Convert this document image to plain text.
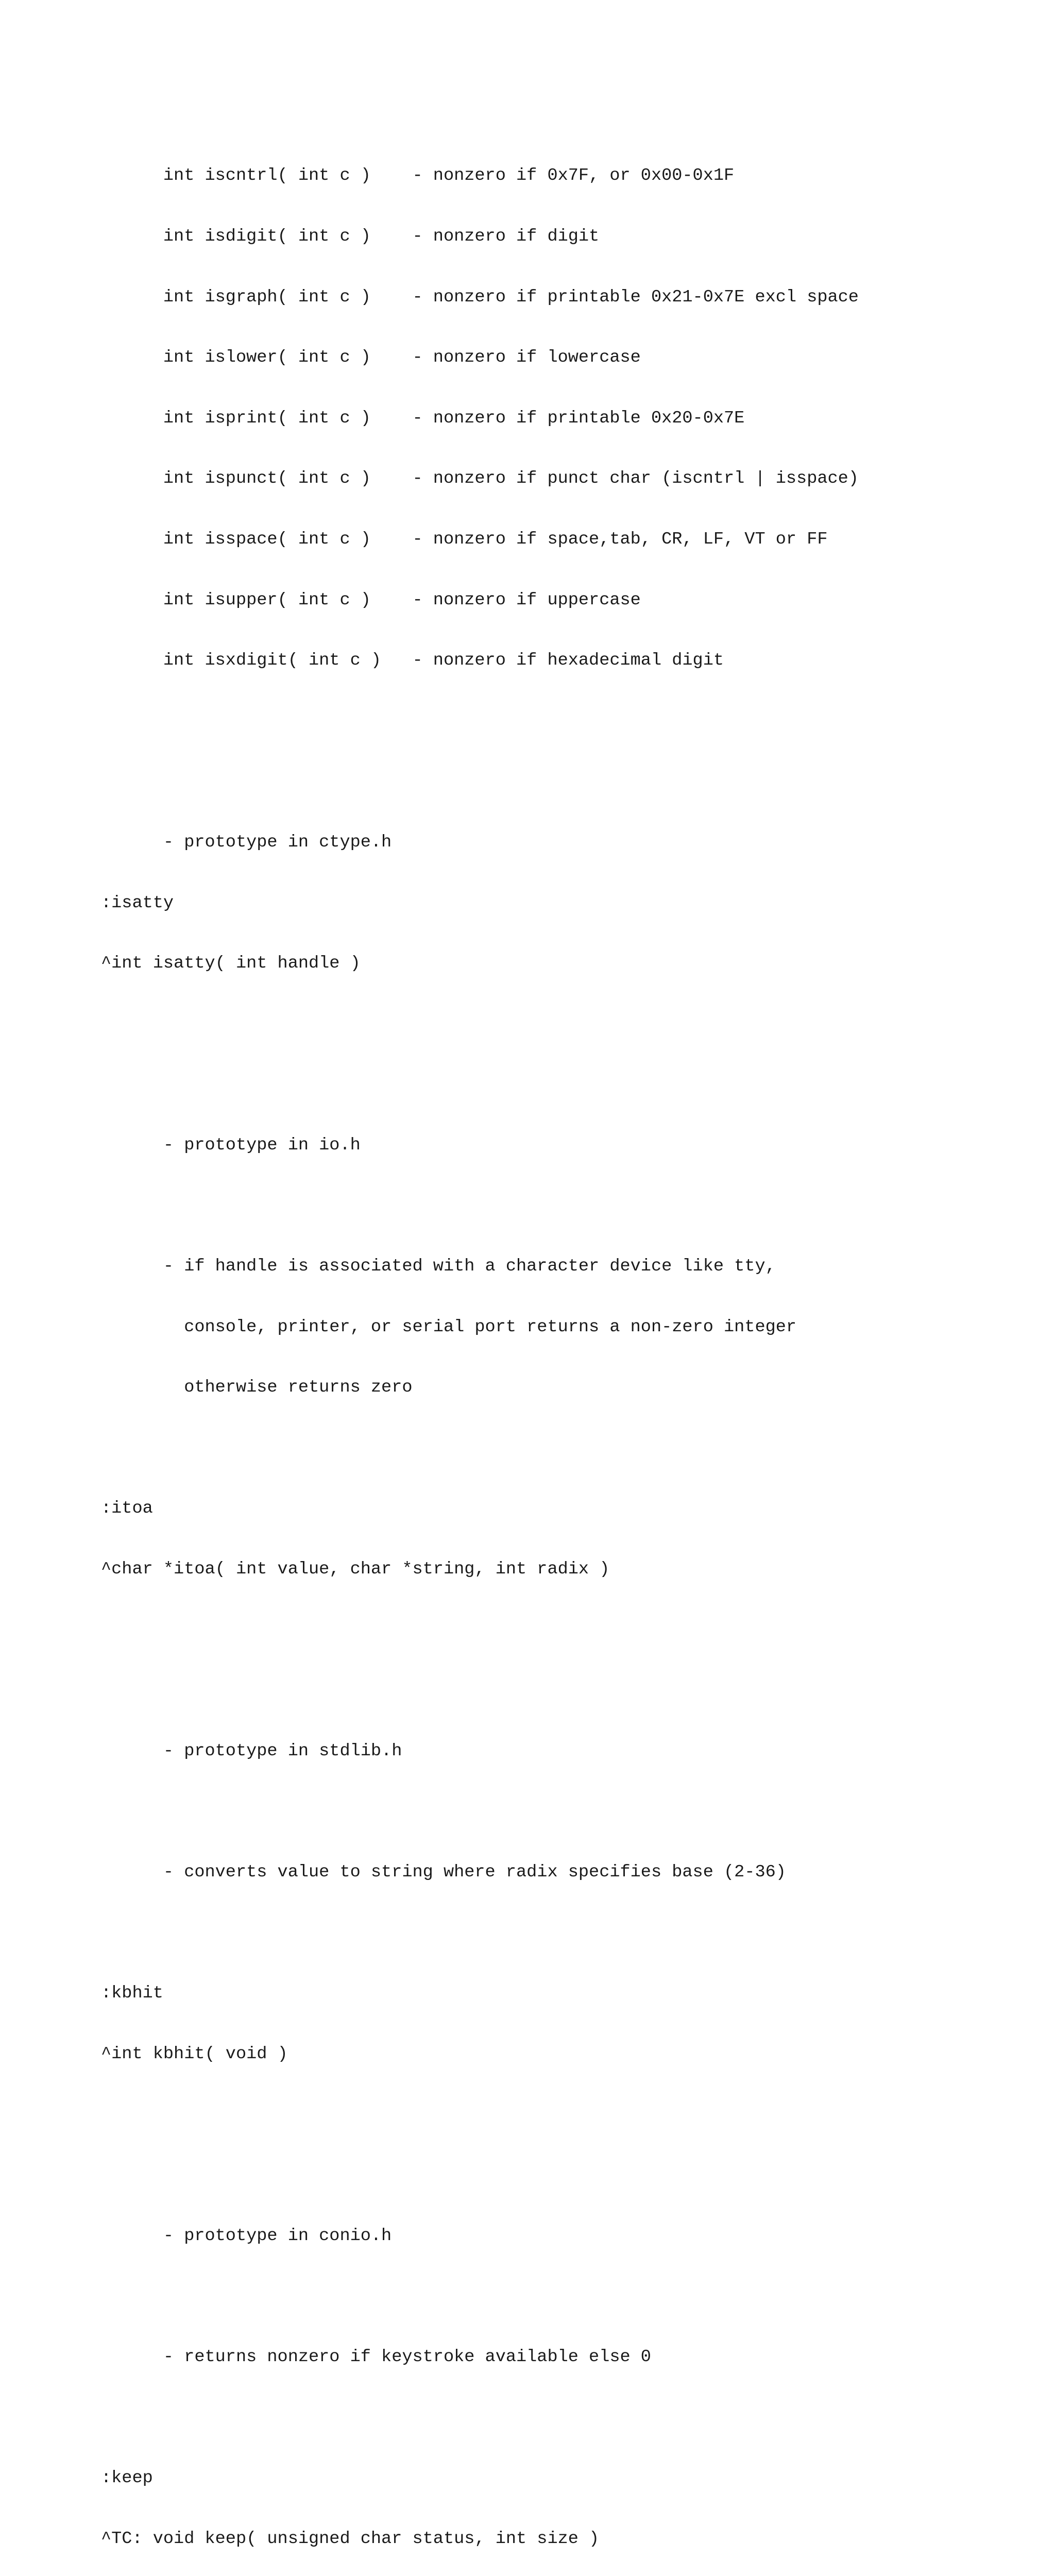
int iscntrl( int c )    - nonzero if 0x7F, or 0x00-0x1F

int isdigit( int c )    - nonzero if digit

int isgraph( int c )    - nonzero if printable 0x21-0x7E excl space

int islower( int c )    - nonzero if lowercase

int isprint( int c )    - nonzero if printable 0x20-0x7E

int ispunct( int c )    - nonzero if punct char (iscntrl | isspace)

int isspace( int c )    - nonzero if space,tab, CR, LF, VT or FF

int isupper( int c )    - nonzero if uppercase

int isxdigit( int c )   - nonzero if hexadecimal digit

- prototype in ctype.h

:isatty

^int isatty( int handle )

- prototype in io.h

- if handle is associated with a character device like tty,

console, printer, or serial port returns a non-zero integer

otherwise returns zero

:itoa

^char *itoa( int value, char *string, int radix )

- prototype in stdlib.h

- converts value to string where radix specifies base (2-36)

:kbhit

^int kbhit( void )

- prototype in conio.h

- returns nonzero if keystroke available else 0

:keep

^TC: void keep( unsigned char status, int size )
